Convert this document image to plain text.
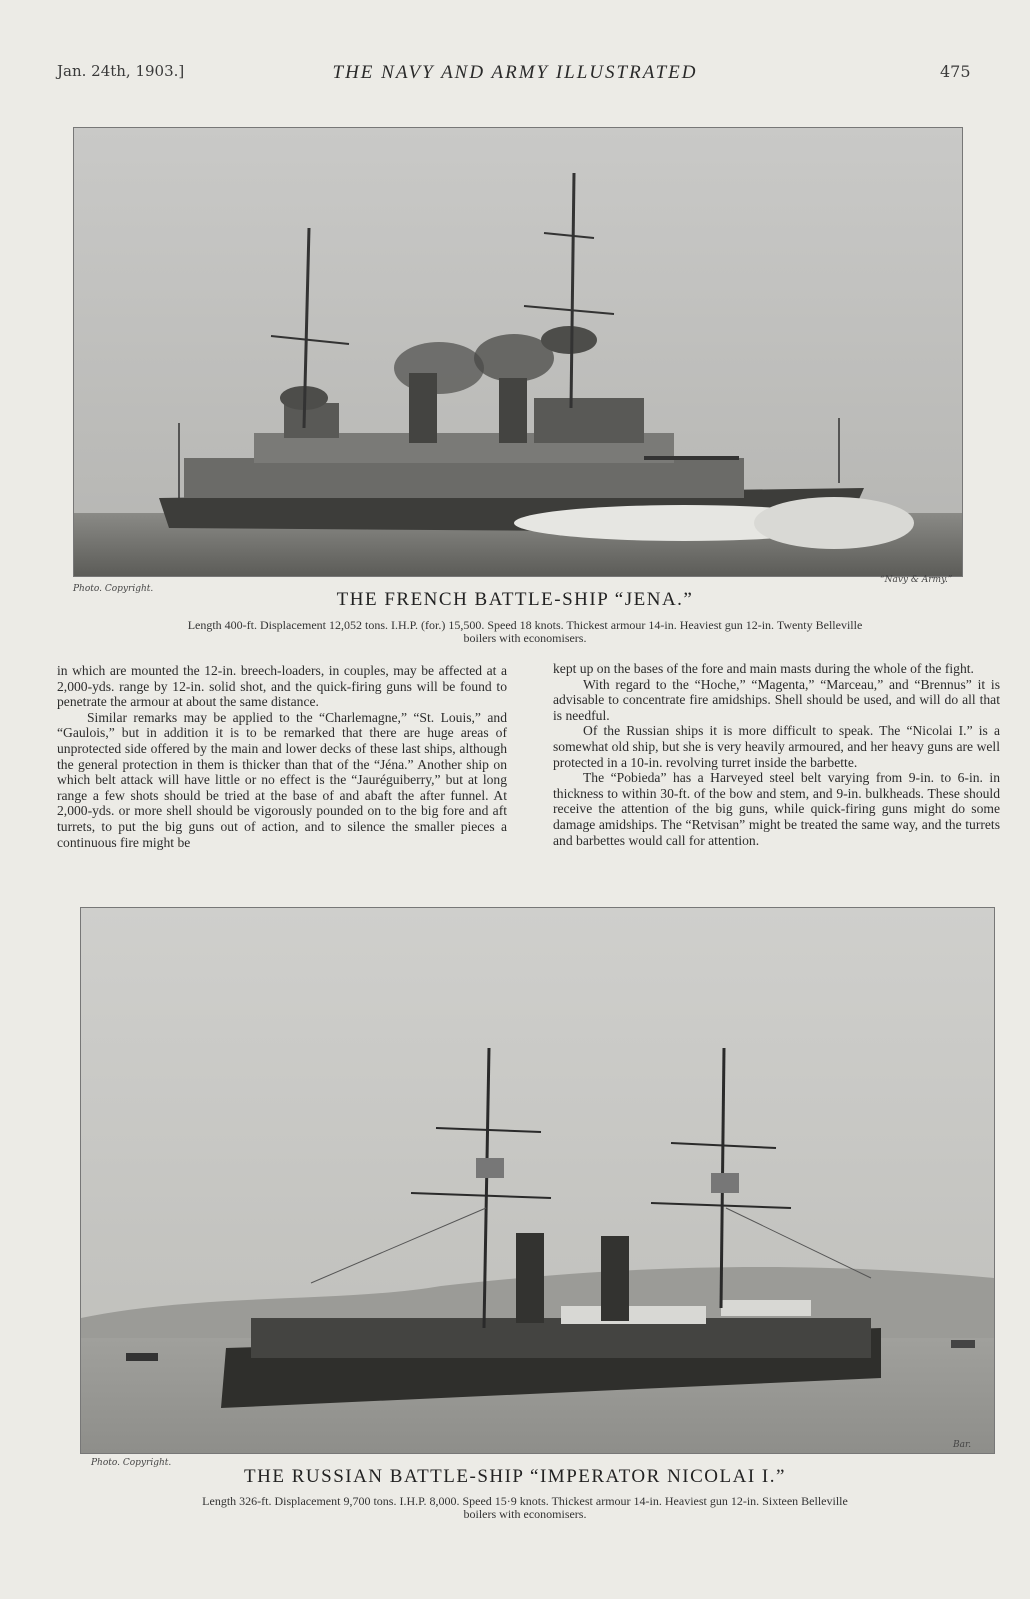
Jan. 24th, 1903.]	THE NAVY AND ARMY ILLUSTRATED	475
Photo. Copyright.
“Navy & Army.”
THE FRENCH BATTLE-SHIP “JENA.”
Length 400-ft. Displacement 12,052 tons. I.H.P. (for.) 15,500. Speed 18 knots. Thickest armour 14-in. Heaviest gun 12-in. Twenty Belleville
boilers with economisers.

in which are mounted the 12-in. breech-loaders, in couples, may be affected at a 2,000-yds. range by 12-in. solid shot, and the quick-firing guns will be found to penetrate the armour at about the same distance.

Similar remarks may be applied to the “Charlemagne,” “St. Louis,” and “Gaulois,” but in addition it is to be remarked that there are huge areas of unprotected side offered by the main and lower decks of these last ships, although the general protection in them is thicker than that of the “Jéna.” Another ship on which belt attack will have little or no effect is the “Jauréguiberry,” but at long range a few shots should be tried at the base of and abaft the after funnel. At 2,000-yds. or more shell should be vigorously pounded on to the big fore and aft turrets, to put the big guns out of action, and to silence the smaller pieces a continuous fire might be

kept up on the bases of the fore and main masts during the whole of the fight.

With regard to the “Hoche,” “Magenta,” “Marceau,” and “Brennus” it is advisable to concentrate fire amidships. Shell should be used, and will do all that is needful.

Of the Russian ships it is more difficult to speak. The “Nicolai I.” is a somewhat old ship, but she is very heavily armoured, and her heavy guns are well protected in a 10-in. revolving turret inside the barbette.

The “Pobieda” has a Harveyed steel belt varying from 9-in. to 6-in. in thickness to within 30-ft. of the bow and stem, and 9-in. bulkheads. These should receive the attention of the big guns, while quick-firing guns might do some damage amidships. The “Retvisan” might be treated the same way, and the turrets and barbettes would call for attention.

Photo. Copyright.
Bar.
THE RUSSIAN BATTLE-SHIP “IMPERATOR NICOLAI I.”
Length 326-ft. Displacement 9,700 tons. I.H.P. 8,000. Speed 15·9 knots. Thickest armour 14-in. Heaviest gun 12-in. Sixteen Belleville
boilers with economisers.
